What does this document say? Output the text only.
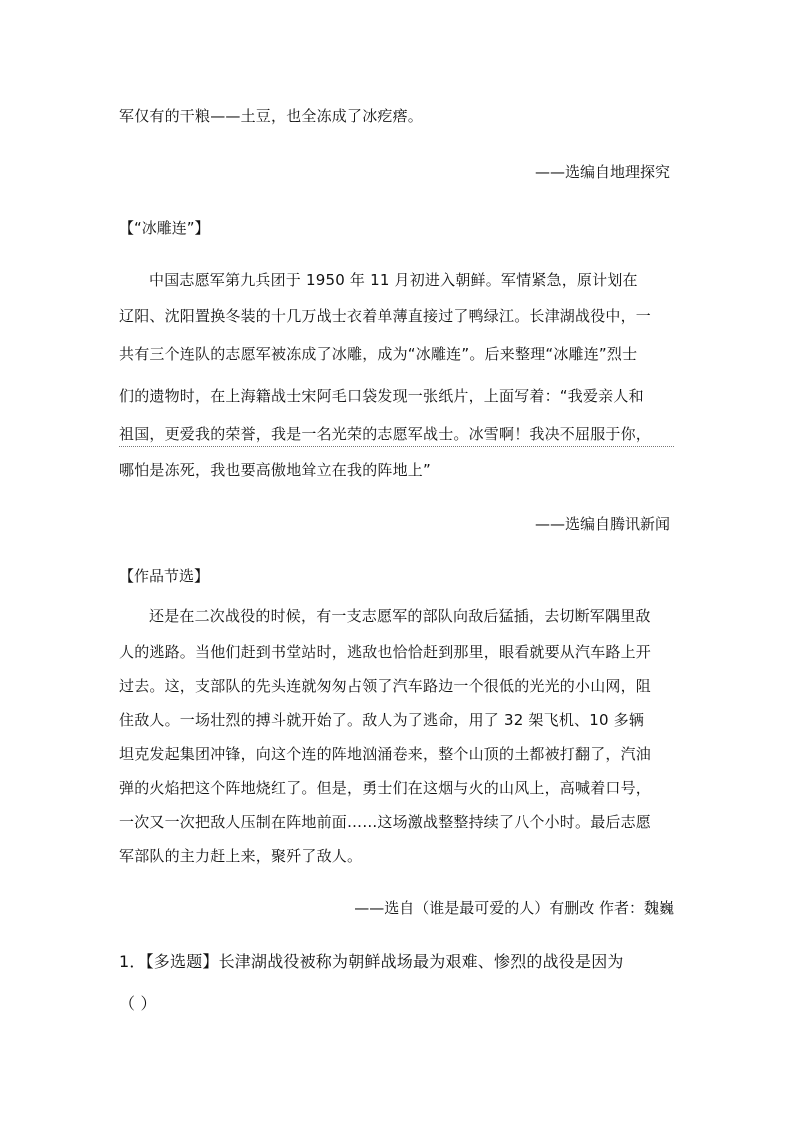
军仅有的干粮——土豆，也全冻成了冰疙瘩。
——选编自地理探究
【“冰雕连”】
中国志愿军第九兵团于 1950 年 11 月初进入朝鲜。军情紧急，原计划在
辽阳、沈阳置换冬装的十几万战士衣着单薄直接过了鸭绿江。长津湖战役中，一
共有三个连队的志愿军被冻成了冰雕，成为“冰雕连”。后来整理“冰雕连”烈士
们的遗物时，在上海籍战士宋阿毛口袋发现一张纸片，上面写着：“我爱亲人和
祖国，更爱我的荣誉，我是一名光荣的志愿军战士。冰雪啊！我决不屈服于你，
哪怕是冻死，我也要高傲地耸立在我的阵地上”
——选编自腾讯新闻
【作品节选】
还是在二次战役的时候，有一支志愿军的部队向敌后猛插，去切断军隅里敌
人的逃路。当他们赶到书堂站时，逃敌也恰恰赶到那里，眼看就要从汽车路上开
过去。这，支部队的先头连就匆匆占领了汽车路边一个很低的光光的小山网，阻
住敌人。一场壮烈的搏斗就开始了。敌人为了逃命，用了 32 架飞机、10 多辆
坦克发起集团冲锋，向这个连的阵地汹涌卷来，整个山顶的土都被打翻了，汽油
弹的火焰把这个阵地烧红了。但是，勇士们在这烟与火的山风上，高喊着口号，
一次又一次把敌人压制在阵地前面……这场激战整整持续了八个小时。最后志愿
军部队的主力赶上来，聚歼了敌人。
——选自（谁是最可爱的人）有删改 作者：魏巍
1．【多选题】长津湖战役被称为朝鲜战场最为艰难、惨烈的战役是因为
（ ）
